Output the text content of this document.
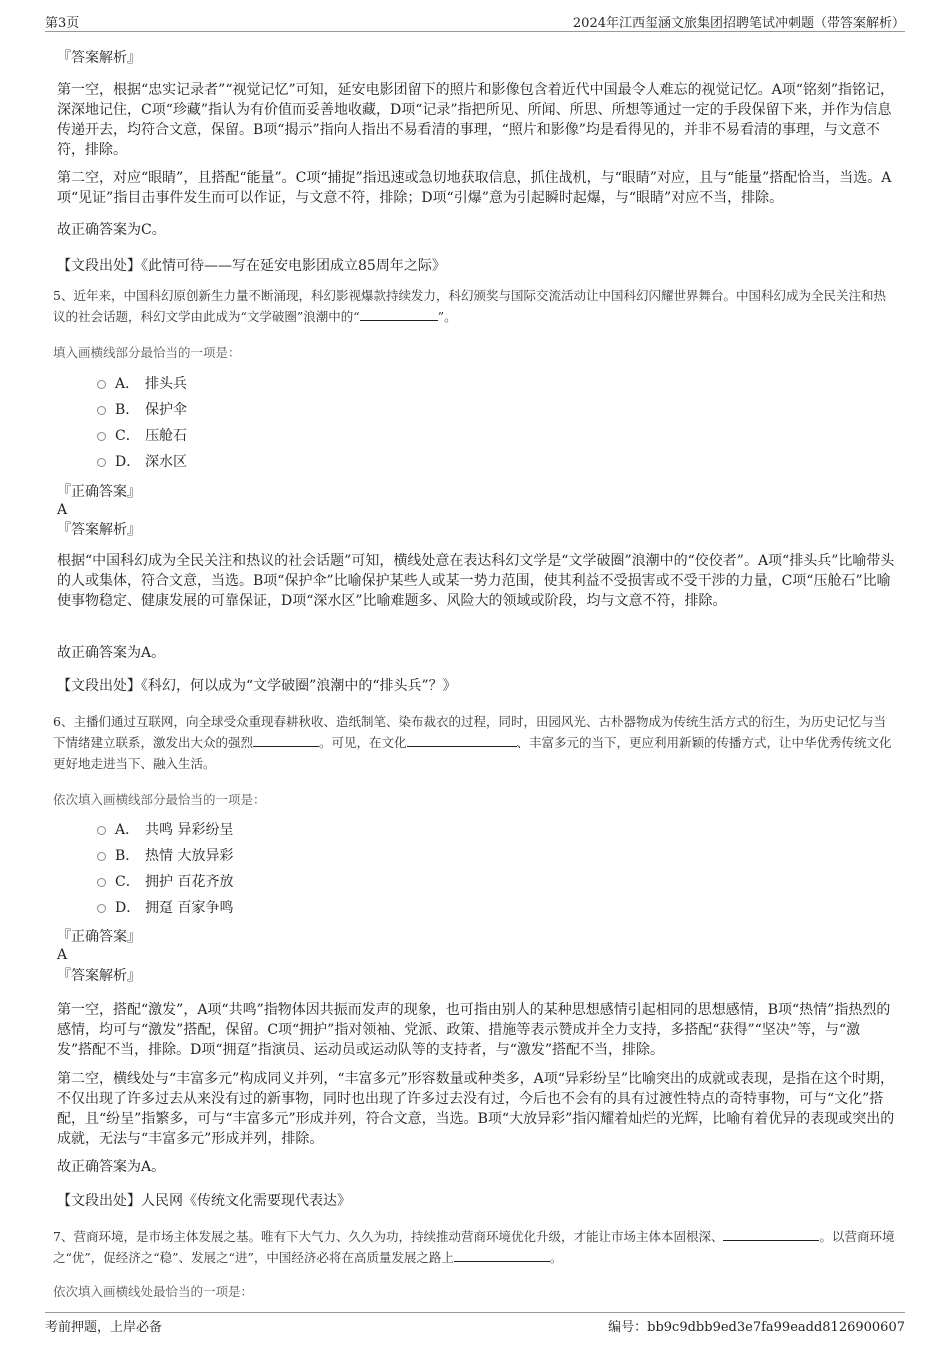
第3页	2024年江西玺涵文旅集团招聘笔试冲刺题（带答案解析）
『答案解析』
第一空，根据“忠实记录者”“视觉记忆”可知，延安电影团留下的照片和影像包含着近代中国最令人难忘的视觉记忆。A项“铭刻”指铭记，深深地记住，C项“珍藏”指认为有价值而妥善地收藏，D项“记录”指把所见、所闻、所思、所想等通过一定的手段保留下来，并作为信息传递开去，均符合文意，保留。B项“揭示”指向人指出不易看清的事理，“照片和影像”均是看得见的，并非不易看清的事理，与文意不符，排除。
第二空，对应“眼睛”，且搭配“能量”。C项“捕捉”指迅速或急切地获取信息，抓住战机，与“眼睛”对应，且与“能量”搭配恰当，当选。A项“见证”指目击事件发生而可以作证，与文意不符，排除；D项“引爆”意为引起瞬时起爆，与“眼睛”对应不当，排除。
故正确答案为C。
【文段出处】《此情可待——写在延安电影团成立85周年之际》
5、近年来，中国科幻原创新生力量不断涌现，科幻影视爆款持续发力，科幻颁奖与国际交流活动让中国科幻闪耀世界舞台。中国科幻成为全民关注和热议的社会话题，科幻文学由此成为“文学破圈”浪潮中的“	”。
填入画横线部分最恰当的一项是：
A． 排头兵
B． 保护伞
C． 压舱石
D． 深水区
『正确答案』
A
『答案解析』
根据“中国科幻成为全民关注和热议的社会话题”可知，横线处意在表达科幻文学是“文学破圈”浪潮中的“佼佼者”。A项“排头兵”比喻带头的人或集体，符合文意，当选。B项“保护伞”比喻保护某些人或某一势力范围，使其利益不受损害或不受干涉的力量，C项“压舱石”比喻使事物稳定、健康发展的可靠保证，D项“深水区”比喻难题多、风险大的领域或阶段，均与文意不符，排除。
故正确答案为A。
【文段出处】《科幻，何以成为“文学破圈”浪潮中的“排头兵”？》
6、主播们通过互联网，向全球受众重现春耕秋收、造纸制笔、染布裁衣的过程，同时，田园风光、古朴器物成为传统生活方式的衍生，为历史记忆与当下情绪建立联系，激发出大众的强烈	。可见，在文化	、丰富多元的当下，更应利用新颖的传播方式，让中华优秀传统文化更好地走进当下、融入生活。
依次填入画横线部分最恰当的一项是：
A． 共鸣 异彩纷呈
B． 热情 大放异彩
C． 拥护 百花齐放
D． 拥趸 百家争鸣
『正确答案』
A
『答案解析』
第一空，搭配“激发”，A项“共鸣”指物体因共振而发声的现象，也可指由别人的某种思想感情引起相同的思想感情，B项“热情”指热烈的感情，均可与“激发”搭配，保留。C项“拥护”指对领袖、党派、政策、措施等表示赞成并全力支持，多搭配“获得”“坚决”等，与“激发”搭配不当，排除。D项“拥趸”指演员、运动员或运动队等的支持者，与“激发”搭配不当，排除。
第二空，横线处与“丰富多元”构成同义并列，“丰富多元”形容数量或种类多，A项“异彩纷呈”比喻突出的成就或表现，是指在这个时期，不仅出现了许多过去从来没有过的新事物，同时也出现了许多过去没有过，今后也不会有的具有过渡性特点的奇特事物，可与“文化”搭配，且“纷呈”指繁多，可与“丰富多元”形成并列，符合文意，当选。B项“大放异彩”指闪耀着灿烂的光辉，比喻有着优异的表现或突出的成就，无法与“丰富多元”形成并列，排除。
故正确答案为A。
【文段出处】人民网《传统文化需要现代表达》
7、营商环境，是市场主体发展之基。唯有下大气力、久久为功，持续推动营商环境优化升级，才能让市场主体本固根深、	。以营商环境之“优”，促经济之“稳”、发展之“进”，中国经济必将在高质量发展之路上	。
依次填入画横线处最恰当的一项是：
考前押题，上岸必备	编号：bb9c9dbb9ed3e7fa99eadd8126900607
